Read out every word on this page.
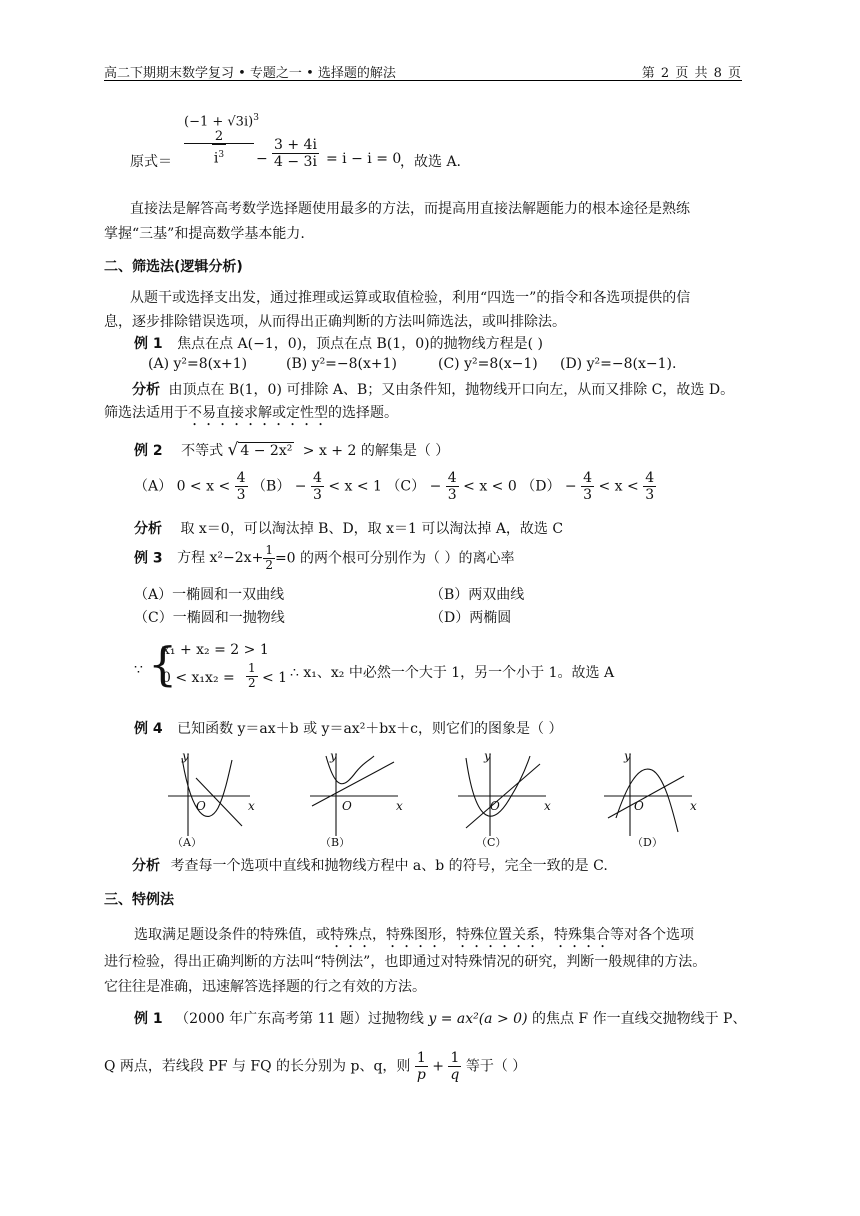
高二下期期末数学复习 • 专题之一 • 选择题的解法	第 2 页 共 8 页
原式＝
$(-1 + √3i)^3$
2
$i^3$	− $\frac{3 + 4i}{4 - 3i} = i - i = 0$
，故选 A.
直接法是解答高考数学选择题使用最多的方法，而提高用直接法解题能力的根本途径是熟练
掌握“三基”和提高数学基本能力.
二、筛选法(逻辑分析)
从题干或选择支出发，通过推理或运算或取值检验，利用“四选一”的指令和各选项提供的信
息，逐步排除错误选项，从而得出正确判断的方法叫筛选法，或叫排除法。
例 1 焦点在点 A(−1，0)，顶点在点 B(1，0)的抛物线方程是( )
(A) y²=8(x+1)	(B) y²=−8(x+1)	(C) y²=8(x−1) (D) y²=−8(x−1).
分析 由顶点在 B(1，0) 可排除 A、B；又由条件知，抛物线开口向左，从而又排除 C，故选 D。
筛选法适用于不易直接求解或定性型的选择题。
例 2 不等式 √ 4 − 2x² > x + 2 的解集是（ ）
（A） $0 < x < \frac{4}{3} (B) - \frac{4}{3} < x < 1$ $(C) - \frac{4}{3} < x < 0$ $(D) - \frac{4}{3} < x < \frac{4}{3}$
分析 取 x＝0，可以淘汰掉 B、D，取 x＝1 可以淘汰掉 A，故选 C
例 3 方程 $x^2-2x+ \frac{1}{2} =0$ 的两个根可分别作为（ ）的离心率
（A）一椭圆和一双曲线	（B）两双曲线
（C）一椭圆和一抛物线	（D）两椭圆
∵ {
x₁ + x₂ = 2 > 1
$0 < x_1x_2 = \frac{1}{2} < 1$ ∴ x₁、x₂ 中必然一个大于 1，另一个小于 1。故选 A
例 4 已知函数 y＝ax＋b 或 y＝ax²＋bx＋c，则它们的图象是（ ）
y
x
O
y
x
O
y
x
O
y
x
O
（A）	（B）	（C）	（D）
分析 考查每一个选项中直线和抛物线方程中 a、b 的符号，完全一致的是 C.
三、特例法
选取满足题设条件的特殊值，或特殊点，特殊图形，特殊位置关系，特殊集合等对各个选项
进行检验，得出正确判断的方法叫“特例法”，也即通过对特殊情况的研究，判断一般规律的方法。
它往往是准确，迅速解答选择题的行之有效的方法。
例 1 （2000 年广东高考第 11 题）过抛物线 y = ax²(a > 0) 的焦点 F 作一直线交抛物线于 P、
Q 两点，若线段 PF 与 FQ 的长分别为 p、q，则 $\frac{1}{p} + \frac{1}{q}$ 等于（ ）
